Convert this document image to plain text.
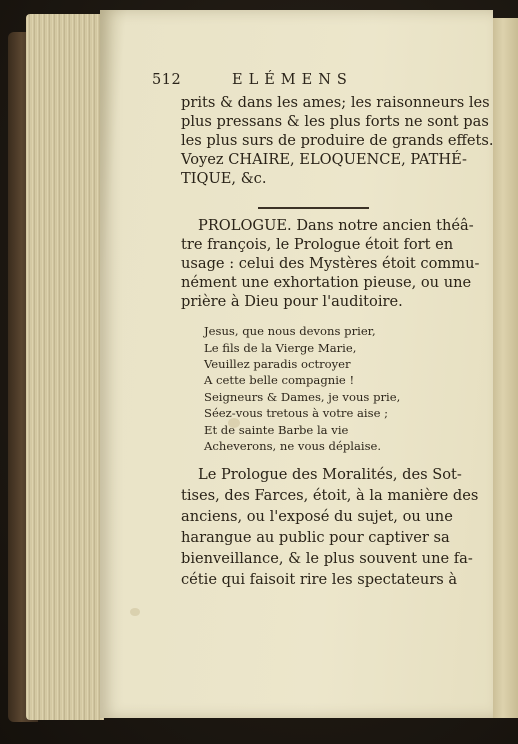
512	ELÉMENS
prits & dans les ames; les raisonneurs les
plus pressans & les plus forts ne sont pas
les plus surs de produire de grands effets.
Voyez CHAIRE, ELOQUENCE, PATHÉ-
TIQUE, &c.
PROLOGUE. Dans notre ancien théâ-
tre françois, le Prologue étoit fort en
usage : celui des Mystères étoit commu-
nément une exhortation pieuse, ou une
prière à Dieu pour l'auditoire.
Jesus, que nous devons prier,
Le fils de la Vierge Marie,
Veuillez paradis octroyer
A cette belle compagnie !
Seigneurs & Dames, je vous prie,
Séez-vous tretous à votre aise ;
Et de sainte Barbe la vie
Acheverons, ne vous déplaise.
Le Prologue des Moralités, des Sot-
tises, des Farces, étoit, à la manière des
anciens, ou l'exposé du sujet, ou une
harangue au public pour captiver sa
bienveillance, & le plus souvent une fa-
cétie qui faisoit rire les spectateurs à
